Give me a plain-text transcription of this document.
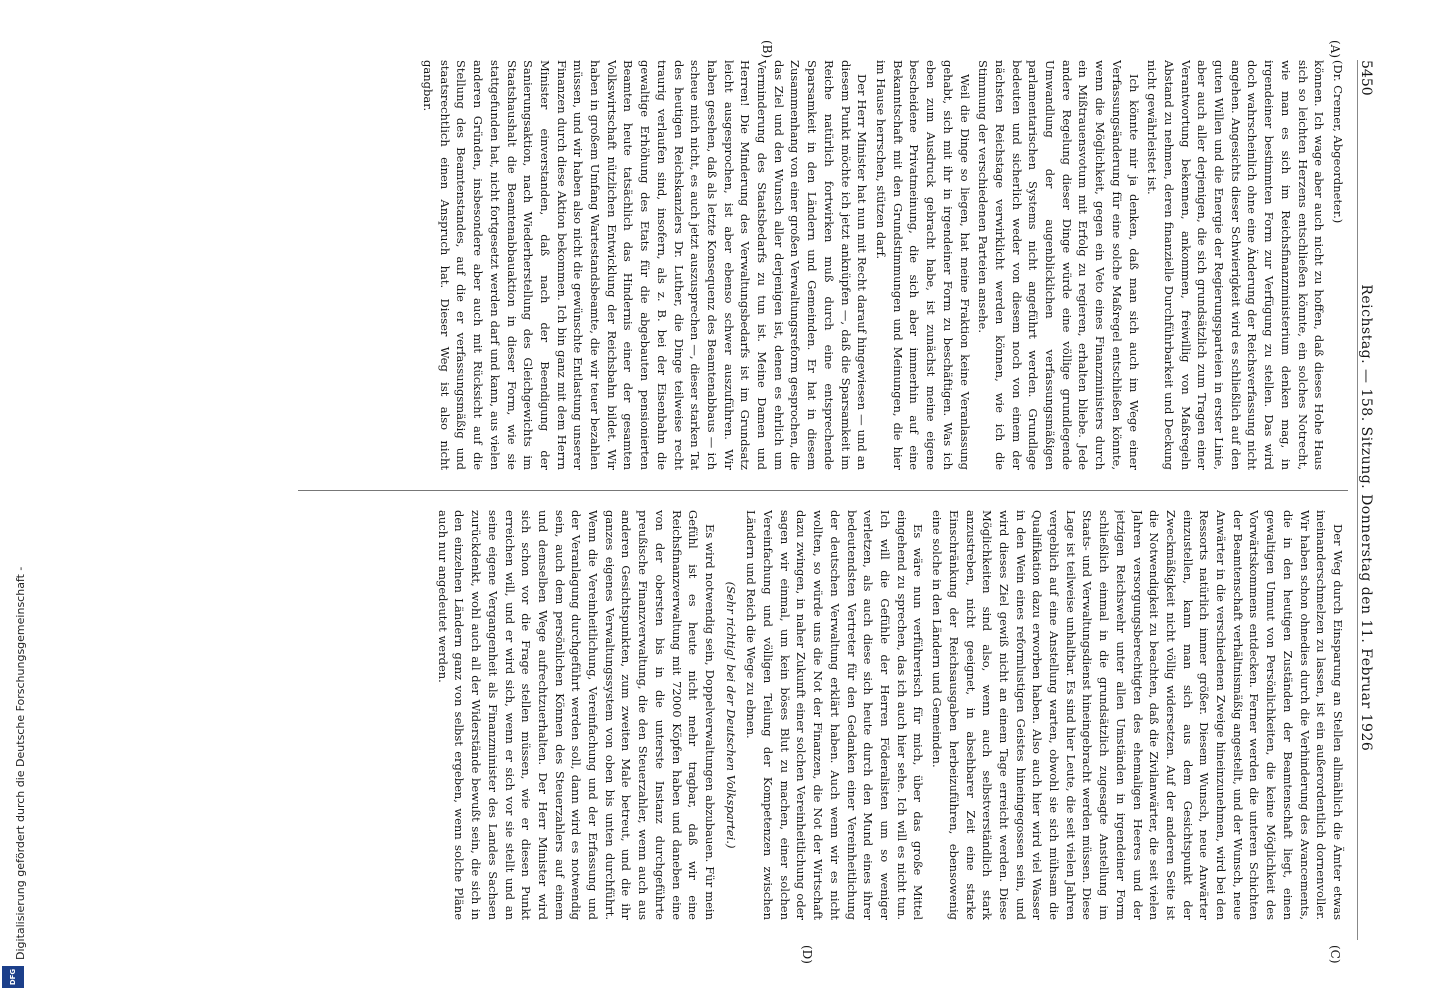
Digitalisierung gefördert durch die Deutsche Forschungsgemeinschaft -
DFG
5450
Reichstag. — 158. Sitzung. Donnerstag den 11. Februar 1926
(A)
(B)
(C)
(D)

(Dr. Cremer, Abgeordneter.)

können. Ich wage aber auch nicht zu hoffen, daß dieses Hohe Haus sich so leichten Herzens entschließen könnte, ein solches Notrecht, wie man es sich im Reichsfinanzministerium denken mag, in irgendeiner bestimmten Form zur Verfügung zu stellen. Das wird doch wahrscheinlich ohne eine Änderung der Reichsverfassung nicht angehen. Angesichts dieser Schwierigkeit wird es schließlich auf den guten Willen und die Energie der Regierungsparteien in erster Linie, aber auch aller derjenigen, die sich grundsätzlich zum Tragen einer Verantwortung bekennen, ankommen, freiwillig von Maßregeln Abstand zu nehmen, deren finanzielle Durchführbarkeit und Deckung nicht gewährleistet ist.

Ich könnte mir ja denken, daß man sich auch im Wege einer Verfassungsänderung für eine solche Maßregel entschließen könnte, wenn die Möglichkeit, gegen ein Veto eines Finanzministers durch ein Mißtrauensvotum mit Erfolg zu regieren, erhalten bliebe. Jede andere Regelung dieser Dinge würde eine völlige grundlegende Umwandlung der augenblicklichen verfassungsmäßigen parlamentarischen Systems nicht angeführt werden. Grundlage bedeuten und sicherlich weder von diesem noch von einem der nächsten Reichstage verwirklicht werden können, wie ich die Stimmung der verschiedenen Parteien ansehe.

Weil die Dinge so liegen, hat meine Fraktion keine Veranlassung gehabt, sich mit ihr in irgendeiner Form zu beschäftigen. Was ich eben zum Ausdruck gebracht habe, ist zunächst meine eigene bescheidene Privatmeinung, die sich aber immerhin auf eine Bekanntschaft mit den Grundstimmungen und Meinungen, die hier im Hause herrschen, stützen darf.

Der Herr Minister hat nun mit Recht darauf hingewiesen — und an diesem Punkt möchte ich jetzt anknüpfen —, daß die Sparsamkeit im Reiche natürlich fortwirken muß durch eine entsprechende Sparsamkeit in den Ländern und Gemeinden. Er hat in diesem Zusammenhang von einer großen Verwaltungsreform gesprochen, die das Ziel und den Wunsch aller derjenigen ist, denen es ehrlich um Verminderung des Staatsbedarfs zu tun ist. Meine Damen und Herren! Die Minderung des Verwaltungsbedarfs ist im Grundsatz leicht ausgesprochen, ist aber ebenso schwer auszuführen. Wir haben gesehen, daß als letzte Konsequenz des Beamtenabbaus — ich scheue mich nicht, es auch jetzt auszusprechen —, dieser starken Tat des heutigen Reichskanzlers Dr. Luther, die Dinge teilweise recht traurig verlaufen sind, insofern, als z. B. bei der Eisenbahn die gewaltige Erhöhung des Etats für die abgebauten pensionierten Beamten heute tatsächlich das Hindernis einer der gesamten Volkswirtschaft nützlichen Entwicklung der Reichsbahn bildet. Wir haben in großem Umfang Wartestandsbeamte, die wir teuer bezahlen müssen, und wir haben also nicht die gewünschte Entlastung unserer Finanzen durch diese Aktion bekommen. Ich bin ganz mit dem Herrn Minister einverstanden, daß nach der Beendigung der Sanierungsaktion, nach Wiederherstellung des Gleichgewichts im Staatshaushalt die Beamtenabbauaktion in dieser Form, wie sie stattgefunden hat, nicht fortgesetzt werden darf und kann, aus vielen anderen Gründen, insbesondere aber auch mit Rücksicht auf die Stellung des Beamtenstandes, auf die er verfassungsmäßig und staatsrechtlich einen Anspruch hat. Dieser Weg ist also nicht gangbar.

Der Weg durch Einsparung an Stellen allmählich die Ämter etwas ineinanderschmelzen zu lassen, ist ein außerordentlich dornenvoller. Wir haben schon ohnedies durch die Verhinderung des Avancements, die in den heutigen Zuständen der Beamtenschaft liegt, einen gewaltigen Unmut von Persönlichkeiten, die keine Möglichkeit des Vorwärtskommens entdecken. Ferner werden die unteren Schichten der Beamtenschaft verhältnismäßig angestellt, und der Wunsch, neue Anwärter in die verschiedenen Zweige hineinzunehmen, wird bei den Ressorts natürlich immer größer. Diesem Wunsch, neue Anwärter einzustellen, kann man sich aus dem Gesichtspunkt der Zweckmäßigkeit nicht völlig widersetzen. Auf der anderen Seite ist die Notwendigkeit zu beachten, daß die Zivilanwärter, die seit vielen Jahren versorgungsberechtigten des ehemaligen Heeres und der jetzigen Reichswehr unter allen Umständen in irgendeiner Form schließlich einmal in die grundsätzlich zugesagte Anstellung im Staats- und Verwaltungsdienst hineingebracht werden müssen. Diese Lage ist teilweise unhaltbar. Es sind hier Leute, die seit vielen Jahren vergeblich auf eine Anstellung warten, obwohl sie sich mühsam die Qualifikation dazu erworben haben. Also auch hier wird viel Wasser in den Wein eines reformlustigen Geistes hineingegossen sein, und wird dieses Ziel gewiß nicht an einem Tage erreicht werden. Diese Möglichkeiten sind also, wenn auch selbstverständlich stark anzustreben, nicht geeignet, in absehbarer Zeit eine starke Einschränkung der Reichsausgaben herbeizuführen, ebensowenig eine solche in den Ländern und Gemeinden.

Es wäre nun verführerisch für mich, über das große Mittel eingehend zu sprechen, das ich auch hier sehe. Ich will es nicht tun. Ich will die Gefühle der Herren Föderalisten um so weniger verletzen, als auch diese sich heute durch den Mund eines ihrer bedeutendsten Vertreter für den Gedanken einer Vereinheitlichung der deutschen Verwaltung erklärt haben. Auch wenn wir es nicht wollten, so würde uns die Not der Finanzen, die Not der Wirtschaft dazu zwingen, in naher Zukunft einer solchen Vereinheitlichung oder sagen wir einmal, um kein böses Blut zu machen, einer solchen Vereinfachung und völligen Teilung der Kompetenzen zwischen Ländern und Reich die Wege zu ebnen.

(Sehr richtig! bei der Deutschen Volkspartei.)

Es wird notwendig sein, Doppelverwaltungen abzubauen. Für mein Gefühl ist es heute nicht mehr tragbar, daß wir eine Reichsfinanzverwaltung mit 72000 Köpfen haben und daneben eine von der obersten bis in die unterste Instanz durchgeführte preußische Finanzverwaltung, die den Steuerzahler, wenn auch aus anderen Gesichtspunkten, zum zweiten Male betreut, und die ihr ganzes eigenes Verwaltungssystem von oben bis unten durchführt. Wenn die Vereinheitlichung, Vereinfachung und der Erfassung und der Veranlagung durchgeführt werden soll, dann wird es notwendig sein, auch dem persönlichen Können des Steuerzahlers auf einem und demselben Wege aufrechtzuerhalten. Der Herr Minister wird sich schon vor die Frage stellen müssen, wie er diesen Punkt erreichen will, und er wird sich, wenn er sich vor sie stellt und an seine eigene Vergangenheit als Finanzminister des Landes Sachsen zurückdenkt, wohl auch all der Widerstände bewußt sein, die sich in den einzelnen Ländern ganz von selbst ergeben, wenn solche Pläne auch nur angedeutet werden.
